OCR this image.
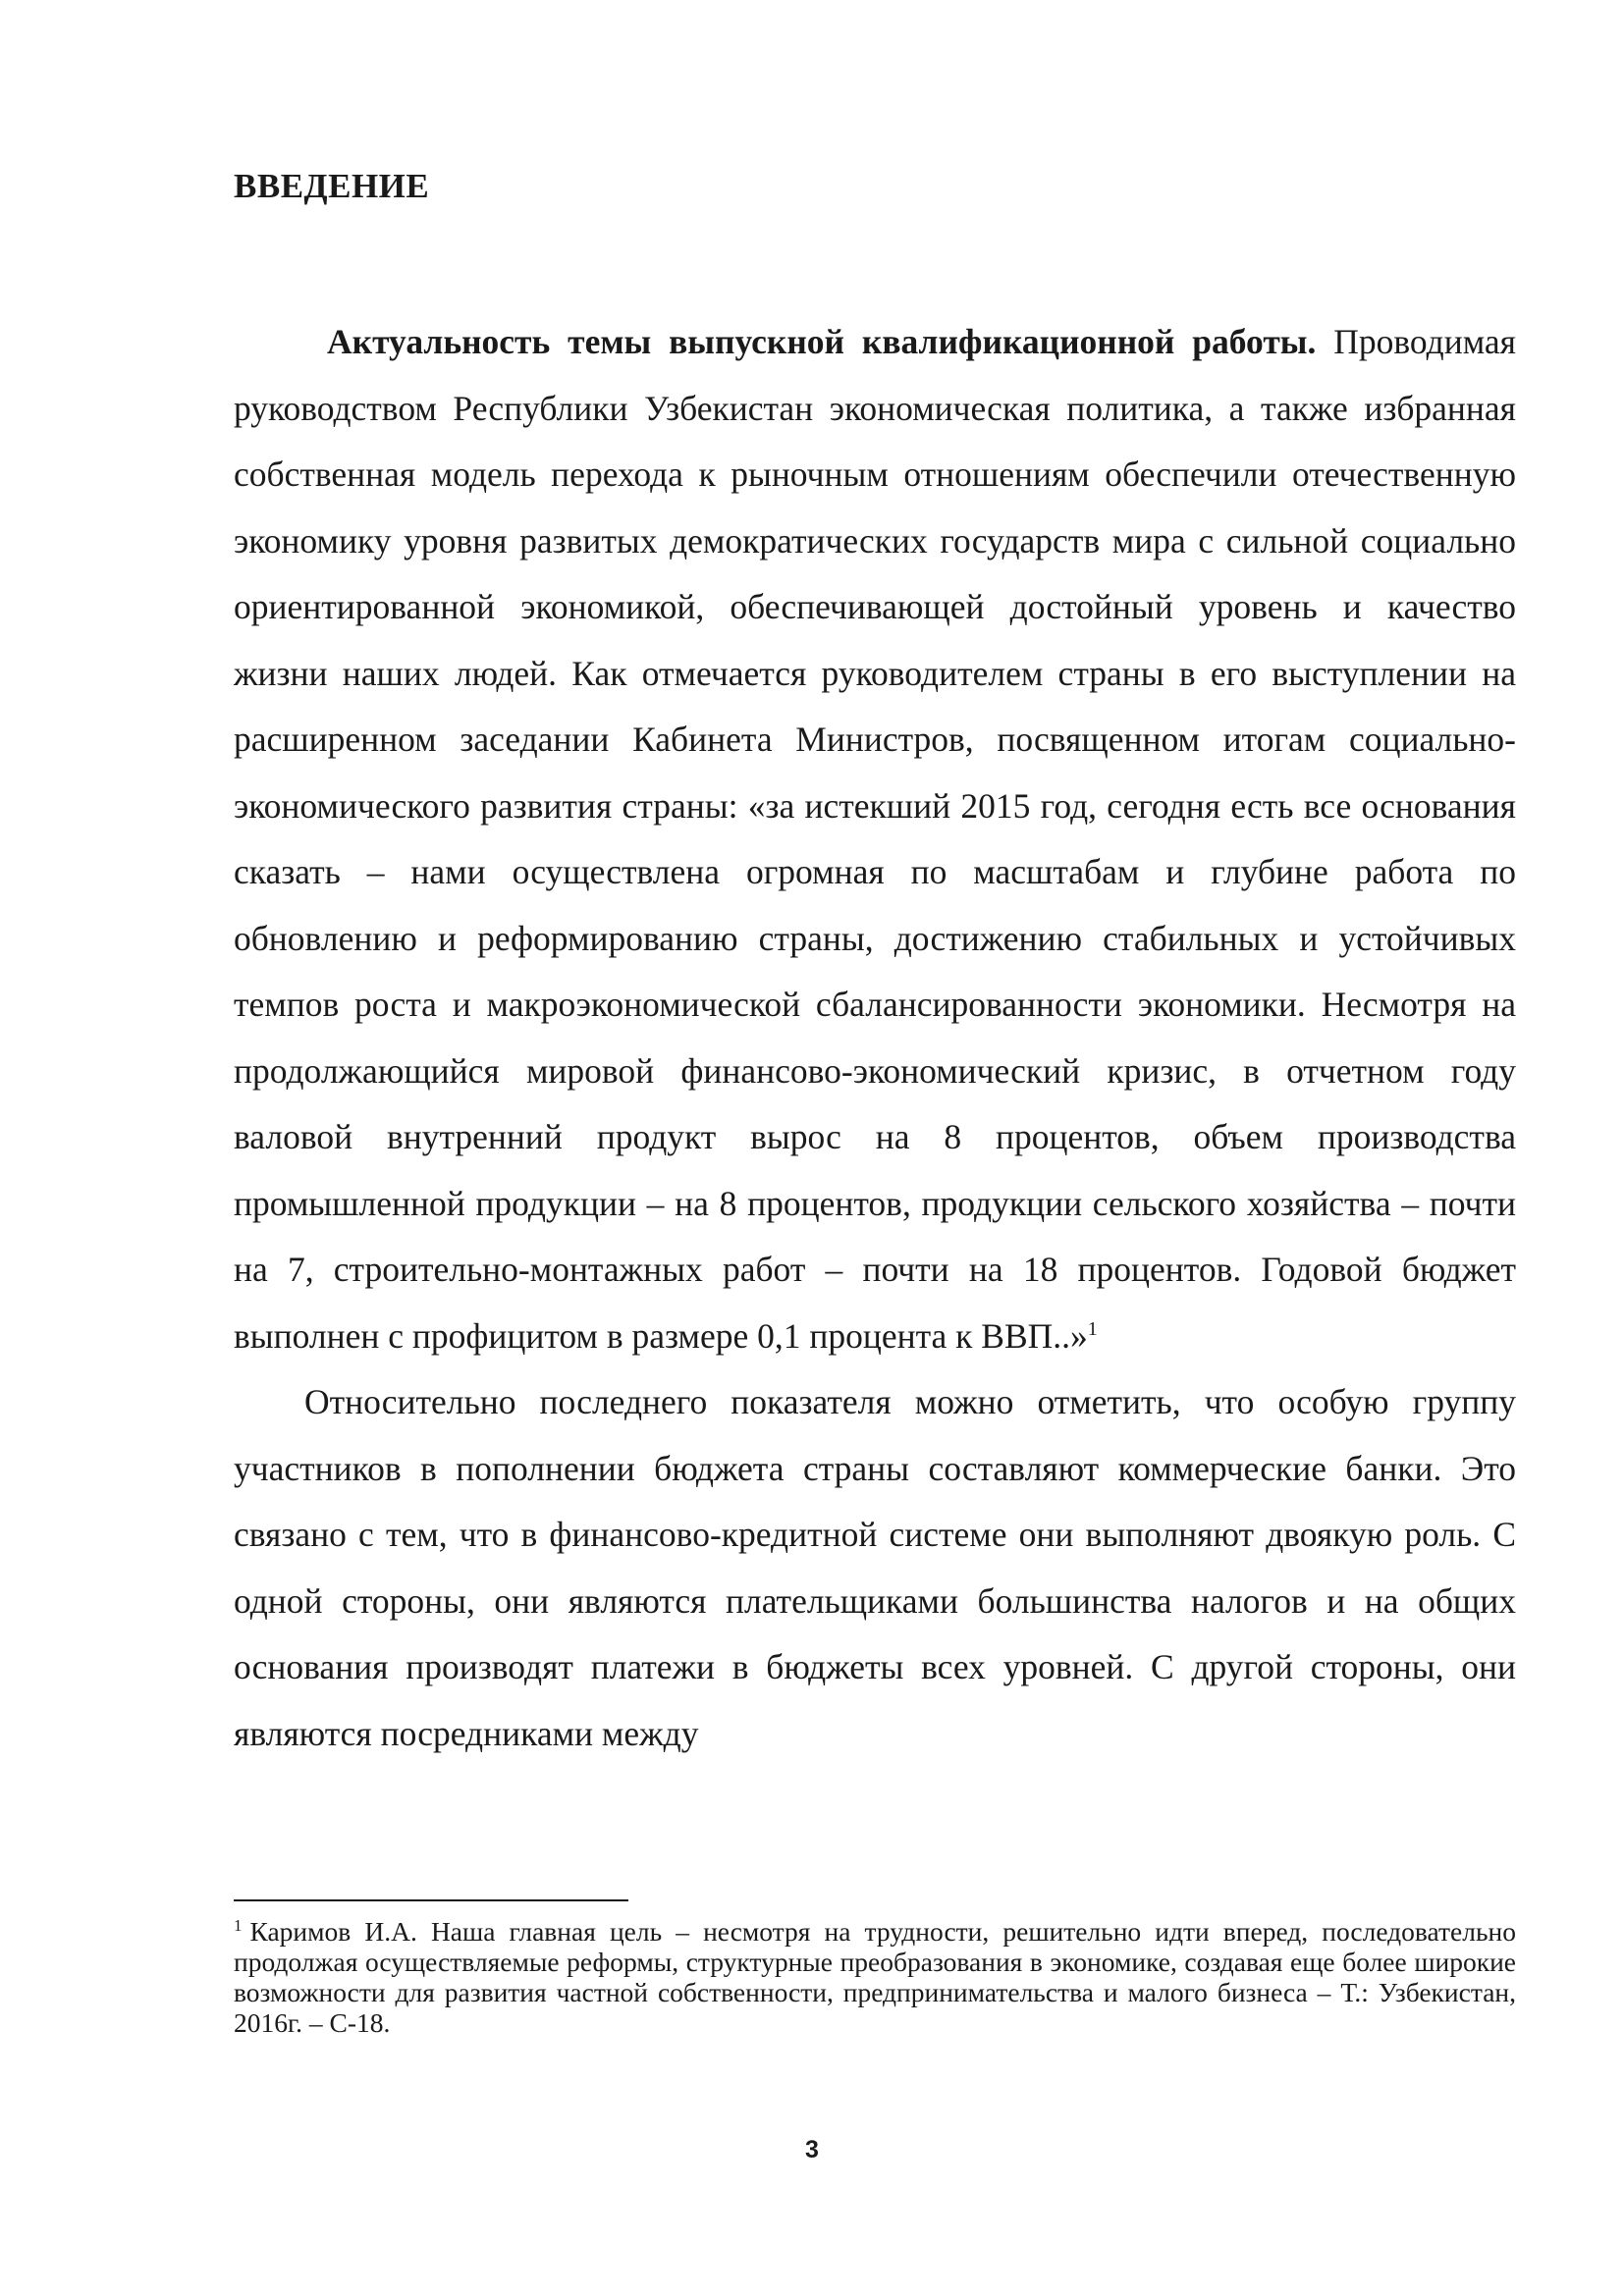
ВВЕДЕНИЕ

Актуальность темы выпускной квалификационной работы. Проводимая руководством Республики Узбекистан экономическая политика, а также избранная собственная модель перехода к рыночным отношениям обеспечили отечественную экономику уровня развитых демократических государств мира с сильной социально ориентированной экономикой, обеспечивающей достойный уровень и качество жизни наших людей. Как отмечается руководителем страны в его выступлении на расширенном заседании Кабинета Министров, посвященном итогам социально-экономического развития страны: «за истекший 2015 год, сегодня есть все основания сказать – нами осуществлена огромная по масштабам и глубине работа по обновлению и реформированию страны, достижению стабильных и устойчивых темпов роста и макроэкономической сбалансированности экономики. Несмотря на продолжающийся мировой финансово-экономический кризис, в отчетном году валовой внутренний продукт вырос на 8 процентов, объем производства промышленной продукции – на 8 процентов, продукции сельского хозяйства – почти на 7, строительно-монтажных работ – почти на 18 процентов. Годовой бюджет выполнен с профицитом в размере 0,1 процента к ВВП..»$^1$

Относительно последнего показателя можно отметить, что особую группу участников в пополнении бюджета страны составляют коммерческие банки. Это связано с тем, что в финансово-кредитной системе они выполняют двоякую роль. С одной стороны, они являются плательщиками большинства налогов и на общих основания производят платежи в бюджеты всех уровней. С другой стороны, они являются посредниками между

$^1$ Каримов И.А. Наша главная цель – несмотря на трудности, решительно идти вперед, последовательно продолжая осуществляемые реформы, структурные преобразования в экономике, создавая еще более широкие возможности для развития частной собственности, предпринимательства и малого бизнеса – Т.: Узбекистан, 2016г. – С-18.

3
